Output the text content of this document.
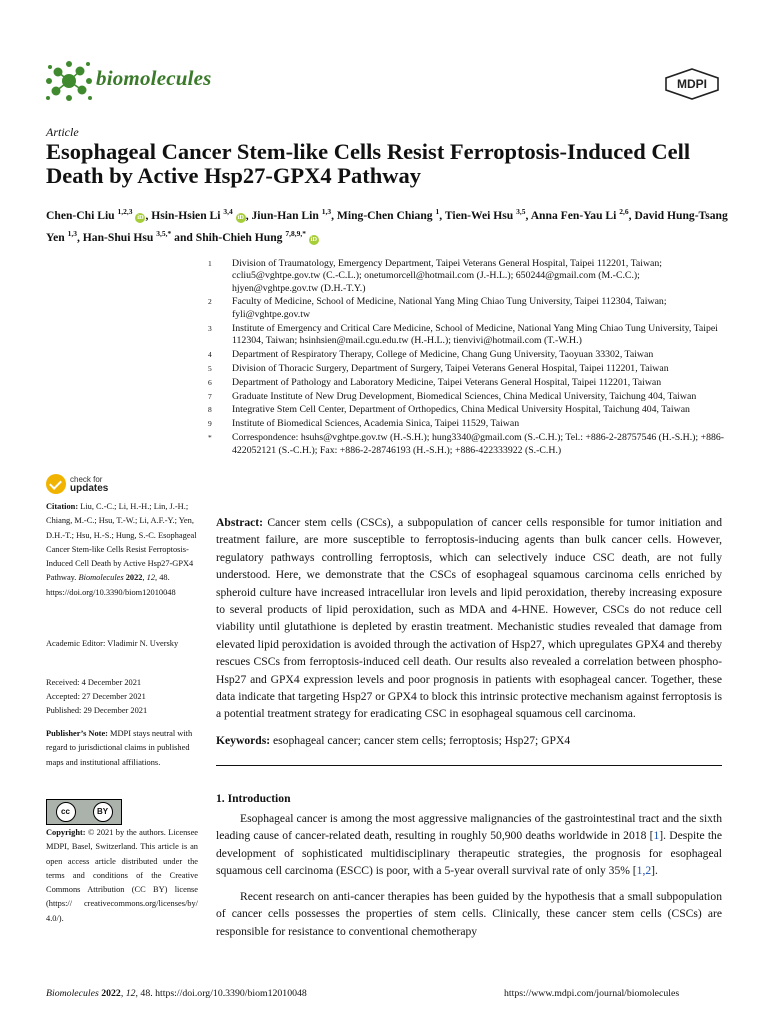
biomolecules	MDPI
Article
Esophageal Cancer Stem-like Cells Resist Ferroptosis-Induced Cell Death by Active Hsp27-GPX4 Pathway
Chen-Chi Liu $^{1,2,3}$ iD , Hsin-Hsien Li $^{3,4}$ iD , Jiun-Han Lin $^{1,3}$, Ming-Chen Chiang $^1$, Tien-Wei Hsu $^{3,5}$, Anna Fen-Yau Li $^{2,6}$, David Hung-Tsang Yen $^{1,3}$, Han-Shui Hsu $^{3,5,*}$ and Shih-Chieh Hung $^{7,8,9,*}$ iD
1	Division of Traumatology, Emergency Department, Taipei Veterans General Hospital, Taipei 112201, Taiwan; ccliu5@vghtpe.gov.tw (C.-C.L.); onetumorcell@hotmail.com (J.-H.L.); 650244@gmail.com (M.-C.C.); hjyen@vghtpe.gov.tw (D.H.-T.Y.)
2	Faculty of Medicine, School of Medicine, National Yang Ming Chiao Tung University, Taipei 112304, Taiwan; fyli@vghtpe.gov.tw
3	Institute of Emergency and Critical Care Medicine, School of Medicine, National Yang Ming Chiao Tung University, Taipei 112304, Taiwan; hsinhsien@mail.cgu.edu.tw (H.-H.L.); tienvivi@hotmail.com (T.-W.H.)
4	Department of Respiratory Therapy, College of Medicine, Chang Gung University, Taoyuan 33302, Taiwan
5	Division of Thoracic Surgery, Department of Surgery, Taipei Veterans General Hospital, Taipei 112201, Taiwan
6	Department of Pathology and Laboratory Medicine, Taipei Veterans General Hospital, Taipei 112201, Taiwan
7	Graduate Institute of New Drug Development, Biomedical Sciences, China Medical University, Taichung 404, Taiwan
8	Integrative Stem Cell Center, Department of Orthopedics, China Medical University Hospital, Taichung 404, Taiwan
9	Institute of Biomedical Sciences, Academia Sinica, Taipei 11529, Taiwan
*	Correspondence: hsuhs@vghtpe.gov.tw (H.-S.H.); hung3340@gmail.com (S.-C.H.); Tel.: +886-2-28757546 (H.-S.H.); +886-422052121 (S.-C.H.); Fax: +886-2-28746193 (H.-S.H.); +886-422333922 (S.-C.H.)
check for
updates
Citation: Liu, C.-C.; Li, H.-H.; Lin, J.-H.; Chiang, M.-C.; Hsu, T.-W.; Li, A.F.-Y.; Yen, D.H.-T.; Hsu, H.-S.; Hung, S.-C. Esophageal Cancer Stem-like Cells Resist Ferroptosis-Induced Cell Death by Active Hsp27-GPX4 Pathway. Biomolecules 2022, 12, 48. https://doi.org/10.3390/biom12010048
Academic Editor: Vladimir N. Uversky
Received: 4 December 2021
Accepted: 27 December 2021
Published: 29 December 2021
Publisher’s Note: MDPI stays neutral with regard to jurisdictional claims in published maps and institutional affiliations.
cc	BY
Copyright: © 2021 by the authors. Licensee MDPI, Basel, Switzerland. This article is an open access article distributed under the terms and conditions of the Creative Commons Attribution (CC BY) license (https:// creativecommons.org/licenses/by/ 4.0/).
Abstract: Cancer stem cells (CSCs), a subpopulation of cancer cells responsible for tumor initiation and treatment failure, are more susceptible to ferroptosis-inducing agents than bulk cancer cells. However, regulatory pathways controlling ferroptosis, which can selectively induce CSC death, are not fully understood. Here, we demonstrate that the CSCs of esophageal squamous carcinoma cells enriched by spheroid culture have increased intracellular iron levels and lipid peroxidation, thereby increasing exposure to several products of lipid peroxidation, such as MDA and 4-HNE. However, CSCs do not reduce cell viability until glutathione is depleted by erastin treatment. Mechanistic studies revealed that damage from elevated lipid peroxidation is avoided through the activation of Hsp27, which upregulates GPX4 and thereby rescues CSCs from ferroptosis-induced cell death. Our results also revealed a correlation between phospho-Hsp27 and GPX4 expression levels and poor prognosis in patients with esophageal cancer. Together, these data indicate that targeting Hsp27 or GPX4 to block this intrinsic protective mechanism against ferroptosis is a potential treatment strategy for eradicating CSC in esophageal squamous cell carcinoma.
Keywords: esophageal cancer; cancer stem cells; ferroptosis; Hsp27; GPX4
1. Introduction
Esophageal cancer is among the most aggressive malignancies of the gastrointestinal tract and the sixth leading cause of cancer-related death, resulting in roughly 50,900 deaths worldwide in 2018 [1]. Despite the development of sophisticated multidisciplinary therapeutic strategies, the prognosis for esophageal squamous cell carcinoma (ESCC) is poor, with a 5-year overall survival rate of only 35% [1,2].
Recent research on anti-cancer therapies has been guided by the hypothesis that a small subpopulation of cancer cells possesses the properties of stem cells. Clinically, these cancer stem cells (CSCs) are responsible for resistance to conventional chemotherapy
Biomolecules 2022, 12, 48. https://doi.org/10.3390/biom12010048	https://www.mdpi.com/journal/biomolecules
